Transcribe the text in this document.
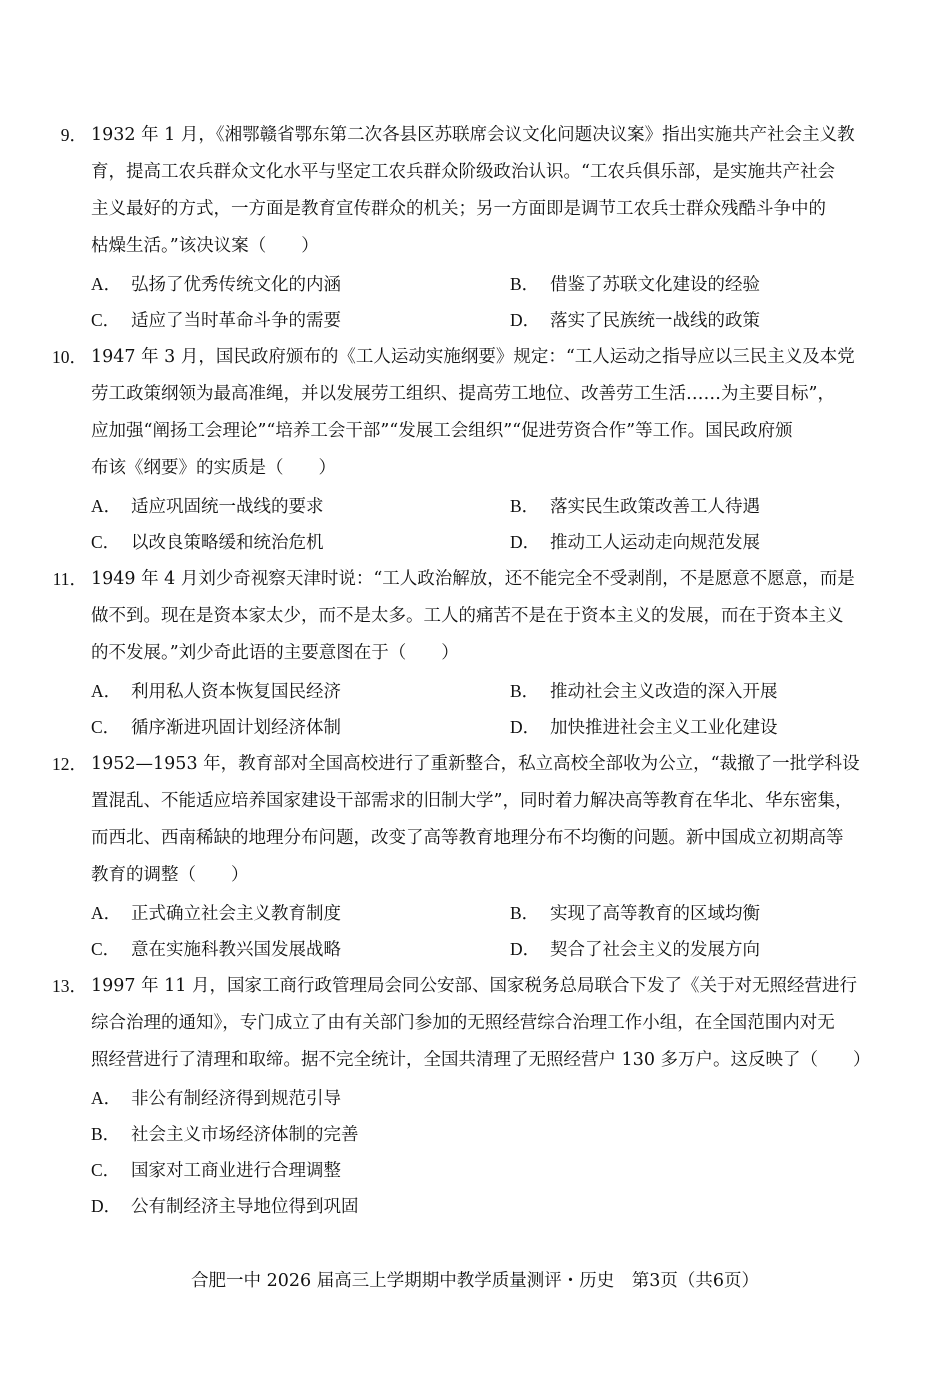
9． 1932 年 1 月，《湘鄂赣省鄂东第二次各县区苏联席会议文化问题决议案》指出实施共产社会主义教
育，提高工农兵群众文化水平与坚定工农兵群众阶级政治认识。“工农兵俱乐部，是实施共产社会
主义最好的方式，一方面是教育宣传群众的机关；另一方面即是调节工农兵士群众残酷斗争中的
枯燥生活。”该决议案（　　）
A． 弘扬了优秀传统文化的内涵	B． 借鉴了苏联文化建设的经验
C． 适应了当时革命斗争的需要	D． 落实了民族统一战线的政策
10． 1947 年 3 月，国民政府颁布的《工人运动实施纲要》规定：“工人运动之指导应以三民主义及本党
劳工政策纲领为最高准绳，并以发展劳工组织、提高劳工地位、改善劳工生活……为主要目标”，
应加强“阐扬工会理论”“培养工会干部”“发展工会组织”“促进劳资合作”等工作。国民政府颁
布该《纲要》的实质是（　　）
A． 适应巩固统一战线的要求	B． 落实民生政策改善工人待遇
C． 以改良策略缓和统治危机	D． 推动工人运动走向规范发展
11． 1949 年 4 月刘少奇视察天津时说：“工人政治解放，还不能完全不受剥削，不是愿意不愿意，而是
做不到。现在是资本家太少，而不是太多。工人的痛苦不是在于资本主义的发展，而在于资本主义
的不发展。”刘少奇此语的主要意图在于（　　）
A． 利用私人资本恢复国民经济	B． 推动社会主义改造的深入开展
C． 循序渐进巩固计划经济体制	D． 加快推进社会主义工业化建设
12． 1952—1953 年，教育部对全国高校进行了重新整合，私立高校全部收为公立，“裁撤了一批学科设
置混乱、不能适应培养国家建设干部需求的旧制大学”，同时着力解决高等教育在华北、华东密集，
而西北、西南稀缺的地理分布问题，改变了高等教育地理分布不均衡的问题。新中国成立初期高等
教育的调整（　　）
A． 正式确立社会主义教育制度	B． 实现了高等教育的区域均衡
C． 意在实施科教兴国发展战略	D． 契合了社会主义的发展方向
13． 1997 年 11 月，国家工商行政管理局会同公安部、国家税务总局联合下发了《关于对无照经营进行
综合治理的通知》，专门成立了由有关部门参加的无照经营综合治理工作小组，在全国范围内对无
照经营进行了清理和取缔。据不完全统计，全国共清理了无照经营户 130 多万户。这反映了（　　）
A． 非公有制经济得到规范引导
B． 社会主义市场经济体制的完善
C． 国家对工商业进行合理调整
D． 公有制经济主导地位得到巩固
合肥一中 2026 届高三上学期期中教学质量测评・历史　第3页（共6页）
